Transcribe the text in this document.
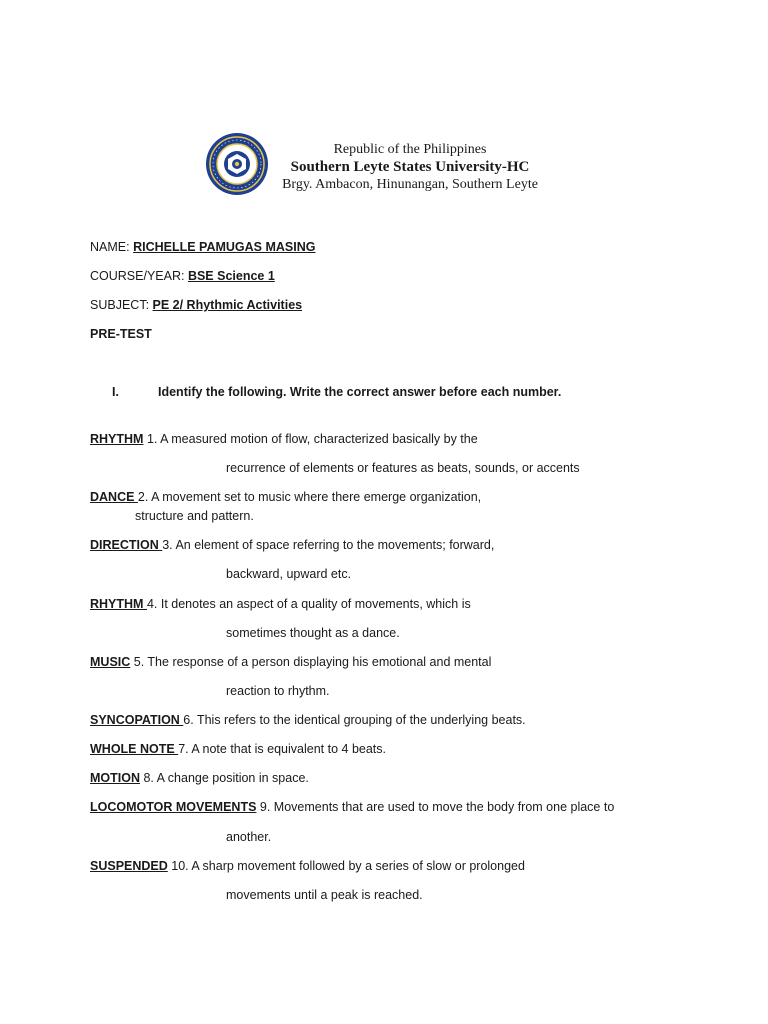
Republic of the Philippines
Southern Leyte States University-HC
Brgy. Ambacon, Hinunangan, Southern Leyte
NAME: RICHELLE PAMUGAS MASING
COURSE/YEAR: BSE Science 1
SUBJECT: PE 2/ Rhythmic Activities
PRE-TEST
I.	Identify the following. Write the correct answer before each number.
RHYTHM 1. A measured motion of flow, characterized basically by the
recurrence of elements or features as beats, sounds, or accents
DANCE 2. A movement set to music where there emerge organization,
structure and pattern.
DIRECTION 3. An element of space referring to the movements; forward,
backward, upward etc.
RHYTHM 4. It denotes an aspect of a quality of movements, which is
sometimes thought as a dance.
MUSIC 5. The response of a person displaying his emotional and mental
reaction to rhythm.
SYNCOPATION 6. This refers to the identical grouping of the underlying beats.
WHOLE NOTE 7. A note that is equivalent to 4 beats.
MOTION 8. A change position in space.
LOCOMOTOR MOVEMENTS 9. Movements that are used to move the body from one place to
another.
SUSPENDED 10. A sharp movement followed by a series of slow or prolonged
movements until a peak is reached.
